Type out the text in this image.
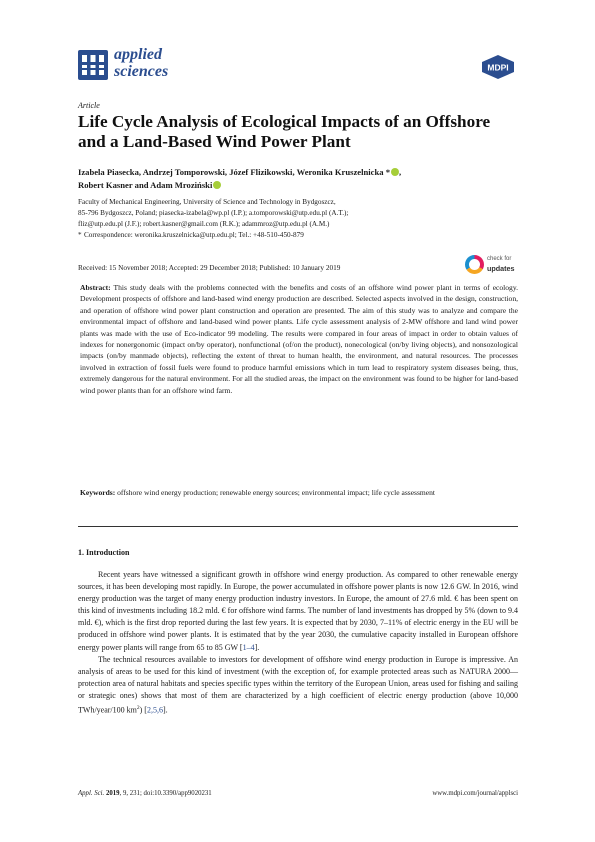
applied
sciences	MDPI
Article
Life Cycle Analysis of Ecological Impacts of an Offshore and a Land-Based Wind Power Plant
Izabela Piasecka, Andrzej Tomporowski, Józef Flizikowski, Weronika Kruszelnicka * ,
Robert Kasner and Adam Mroziński
Faculty of Mechanical Engineering, University of Science and Technology in Bydgoszcz,
85-796 Bydgoszcz, Poland; piasecka-izabela@wp.pl (I.P.); a.tomporowski@utp.edu.pl (A.T.);
fliz@utp.edu.pl (J.F.); robert.kasner@gmail.com (R.K.); adammroz@utp.edu.pl (A.M.)
* Correspondence: weronika.kruszelnicka@utp.edu.pl; Tel.: +48-510-450-879
Received: 15 November 2018; Accepted: 29 December 2018; Published: 10 January 2019
check for
updates
Abstract: This study deals with the problems connected with the benefits and costs of an offshore wind power plant in terms of ecology. Development prospects of offshore and land-based wind energy production are described. Selected aspects involved in the design, construction, and operation of offshore wind power plant construction and operation are presented. The aim of this study was to analyze and compare the environmental impact of offshore and land-based wind power plants. Life cycle assessment analysis of 2-MW offshore and land wind power plants was made with the use of Eco-indicator 99 modeling. The results were compared in four areas of impact in order to obtain values of indexes for nonergonomic (impact on/by operator), nonfunctional (of/on the product), nonecological (on/by living objects), and nonsozological impacts (on/by manmade objects), reflecting the extent of threat to human health, the environment, and natural resources. The processes involved in extraction of fossil fuels were found to produce harmful emissions which in turn lead to respiratory system diseases being, thus, extremely dangerous for the natural environment. For all the studied areas, the impact on the environment was found to be higher for land-based wind power plants than for an offshore wind farm.
Keywords: offshore wind energy production; renewable energy sources; environmental impact; life cycle assessment
1. Introduction

Recent years have witnessed a significant growth in offshore wind energy production. As compared to other renewable energy sources, it has been developing most rapidly. In Europe, the power accumulated in offshore power plants is now 12.6 GW. In 2016, wind energy production was the target of many energy production industry investors. In Europe, the amount of 27.6 mld. € has been spent on this kind of investments including 18.2 mld. € for offshore wind farms. The number of land investments has dropped by 5% (down to 9.4 mld. €), which is the first drop reported during the last few years. It is expected that by 2030, 7–11% of electric energy in the EU will be produced in offshore wind power plants. It is estimated that by the year 2030, the cumulative capacity installed in European offshore energy power plants will range from 65 to 85 GW [1–4].

The technical resources available to investors for development of offshore wind energy production in Europe is impressive. An analysis of areas to be used for this kind of investment (with the exception of, for example protected areas such as NATURA 2000—protection area of natural habitats and species specific types within the territory of the European Union, areas used for fishing and sailing or strategic ones) shows that most of them are characterized by a high coefficient of electric energy production (above 10,000 TWh/year/100 $km^2$) [2,5,6].

Appl. Sci. 2019, 9, 231; doi:10.3390/app9020231	www.mdpi.com/journal/applsci
